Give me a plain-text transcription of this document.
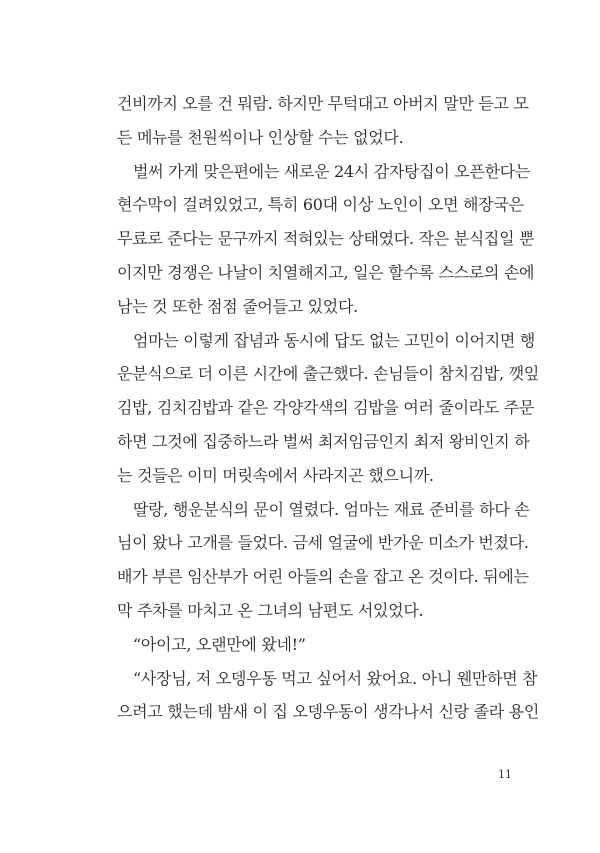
건비까지 오를 건 뭐람. 하지만 무턱대고 아버지 말만 듣고 모
든 메뉴를 천원씩이나 인상할 수는 없었다.
벌써 가게 맞은편에는 새로운 24시 감자탕집이 오픈한다는
현수막이 걸려있었고, 특히 60대 이상 노인이 오면 해장국은
무료로 준다는 문구까지 적혀있는 상태였다. 작은 분식집일 뿐
이지만 경쟁은 나날이 치열해지고, 일은 할수록 스스로의 손에
남는 것 또한 점점 줄어들고 있었다.
엄마는 이렇게 잡념과 동시에 답도 없는 고민이 이어지면 행
운분식으로 더 이른 시간에 출근했다. 손님들이 참치김밥, 깻잎
김밥, 김치김밥과 같은 각양각색의 김밥을 여러 줄이라도 주문
하면 그것에 집중하느라 벌써 최저임금인지 최저 왕비인지 하
는 것들은 이미 머릿속에서 사라지곤 했으니까.
딸랑, 행운분식의 문이 열렸다. 엄마는 재료 준비를 하다 손
님이 왔나 고개를 들었다. 금세 얼굴에 반가운 미소가 번졌다.
배가 부른 임산부가 어린 아들의 손을 잡고 온 것이다. 뒤에는
막 주차를 마치고 온 그녀의 남편도 서있었다.
“아이고, 오랜만에 왔네!”
“사장님, 저 오뎅우동 먹고 싶어서 왔어요. 아니 웬만하면 참
으려고 했는데 밤새 이 집 오뎅우동이 생각나서 신랑 졸라 용인
11
